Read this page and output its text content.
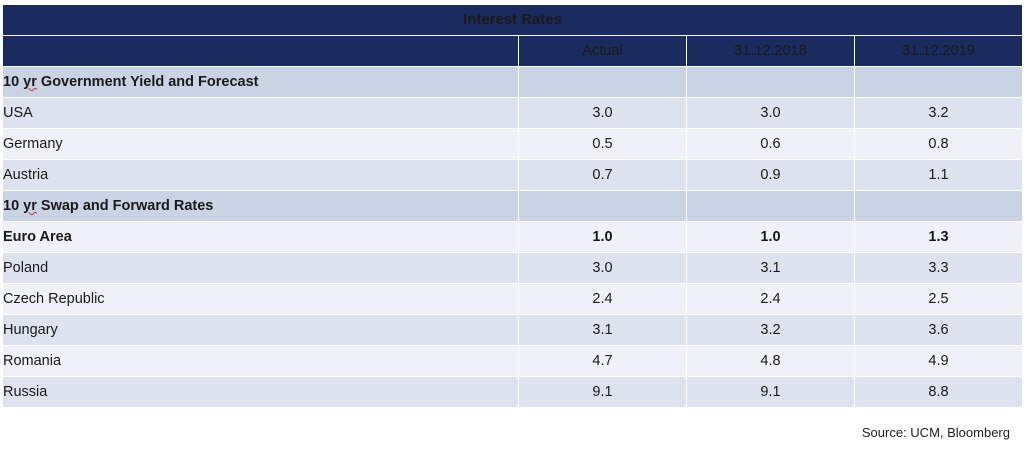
Interest Rates			
	Actual	31.12.2018	31.12.2019
10 yr Government Yield and Forecast			
USA	3.0	3.0	3.2
Germany	0.5	0.6	0.8
Austria	0.7	0.9	1.1
10 yr Swap and Forward Rates			
Euro Area	1.0	1.0	1.3
Poland	3.0	3.1	3.3
Czech Republic	2.4	2.4	2.5
Hungary	3.1	3.2	3.6
Romania	4.7	4.8	4.9
Russia	9.1	9.1	8.8
Source: UCM, Bloomberg
